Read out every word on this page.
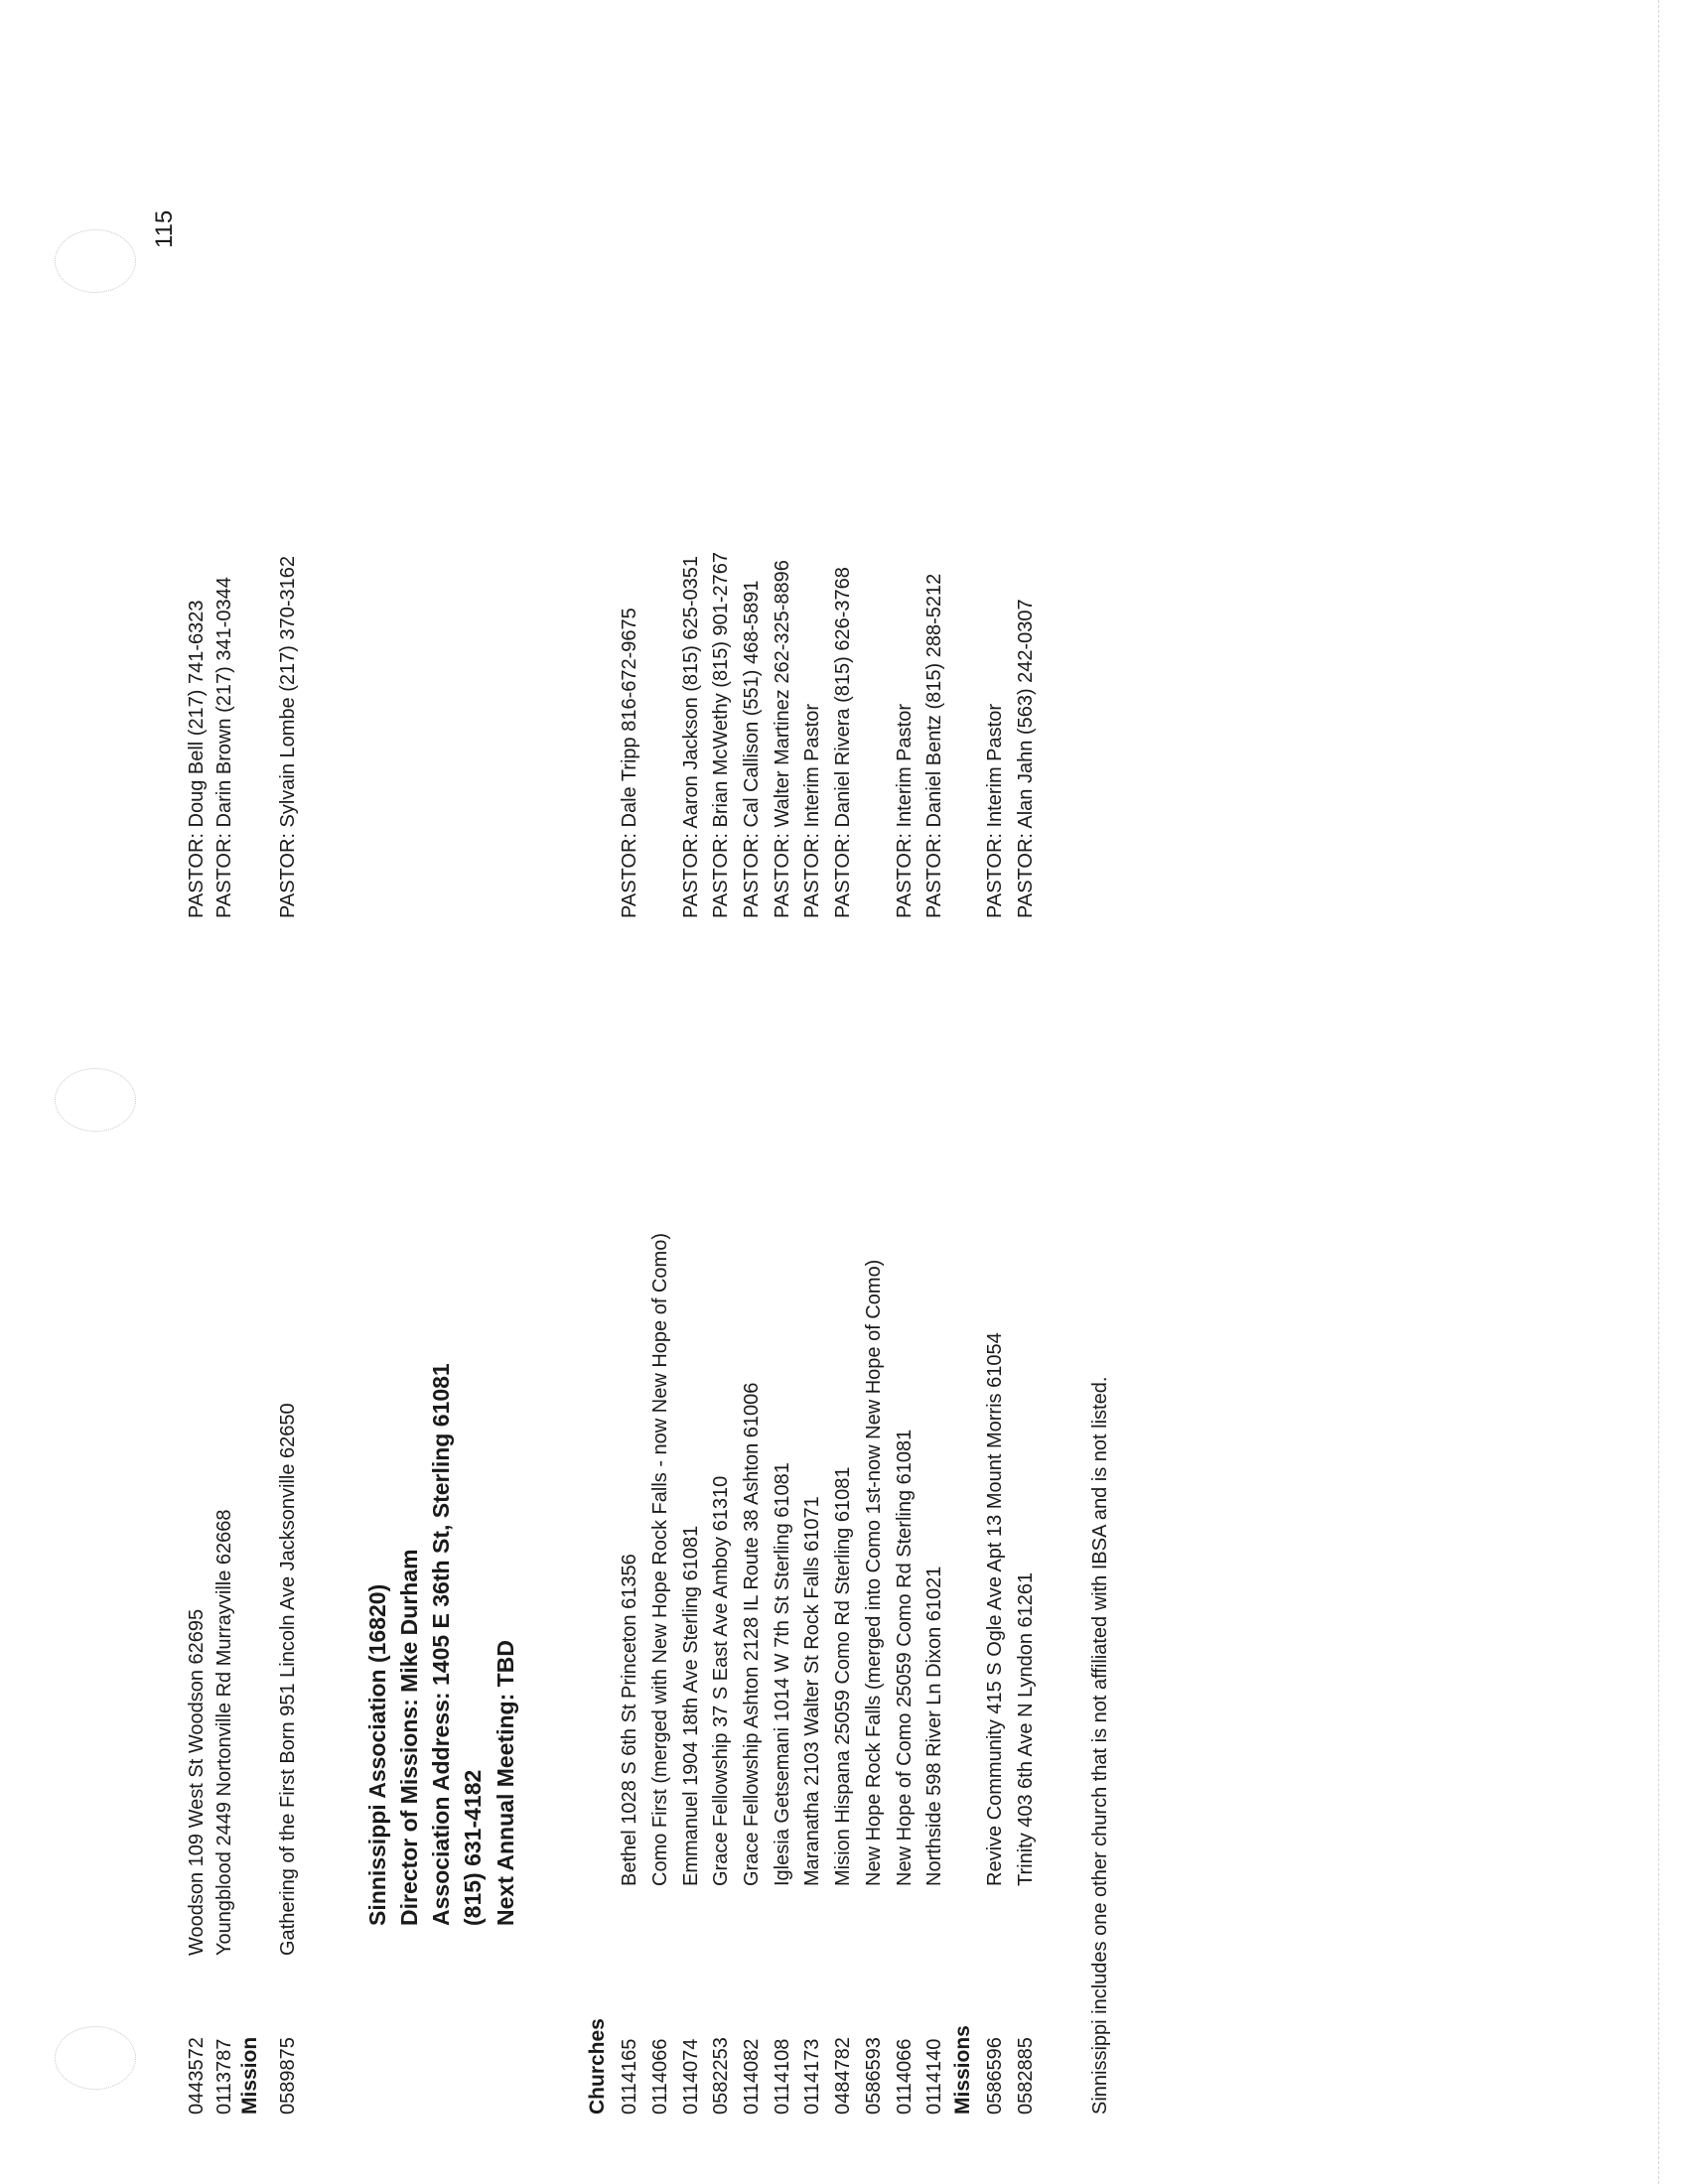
115
0443572
Woodson 109 West St Woodson 62695
PASTOR: Doug Bell (217) 741-6323
0113787
Youngblood 2449 Nortonville Rd Murrayville 62668
PASTOR: Darin Brown (217) 341-0344
Mission 0589875
Gathering of the First Born 951 Lincoln Ave Jacksonville 62650
PASTOR: Sylvain Lombe (217) 370-3162
Sinnissippi Association (16820) Director of Missions: Mike Durham Association Address: 1405 E 36th St, Sterling 61081 (815) 631-4182 Next Annual Meeting: TBD
Churches 0114165
Bethel 1028 S 6th St Princeton 61356
PASTOR: Dale Tripp 816-672-9675
0114066
Como First (merged with New Hope Rock Falls - now New Hope of Como)
0114074
Emmanuel 1904 18th Ave Sterling 61081
PASTOR: Aaron Jackson (815) 625-0351
0582253
Grace Fellowship 37 S East Ave Amboy 61310
PASTOR: Brian McWethy (815) 901-2767
0114082
Grace Fellowship Ashton 2128 IL Route 38 Ashton 61006
PASTOR: Cal Callison (551) 468-5891
0114108
Iglesia Getsemani 1014 W 7th St Sterling 61081
PASTOR: Walter Martinez 262-325-8896
0114173
Maranatha 2103 Walter St Rock Falls 61071
PASTOR: Interim Pastor
0484782
Mision Hispana 25059 Como Rd Sterling 61081
PASTOR: Daniel Rivera (815) 626-3768
0586593
New Hope Rock Falls (merged into Como 1st-now New Hope of Como)
0114066
New Hope of Como 25059 Como Rd Sterling 61081
PASTOR: Interim Pastor
0114140
Northside 598 River Ln Dixon 61021
PASTOR: Daniel Bentz (815) 288-5212
Missions 0586596
Revive Community 415 S Ogle Ave Apt 13 Mount Morris 61054
PASTOR: Interim Pastor
0582885
Trinity 403 6th Ave N Lyndon 61261
PASTOR: Alan Jahn (563) 242-0307
Sinnissippi includes one other church that is not affiliated with IBSA and is not listed.
